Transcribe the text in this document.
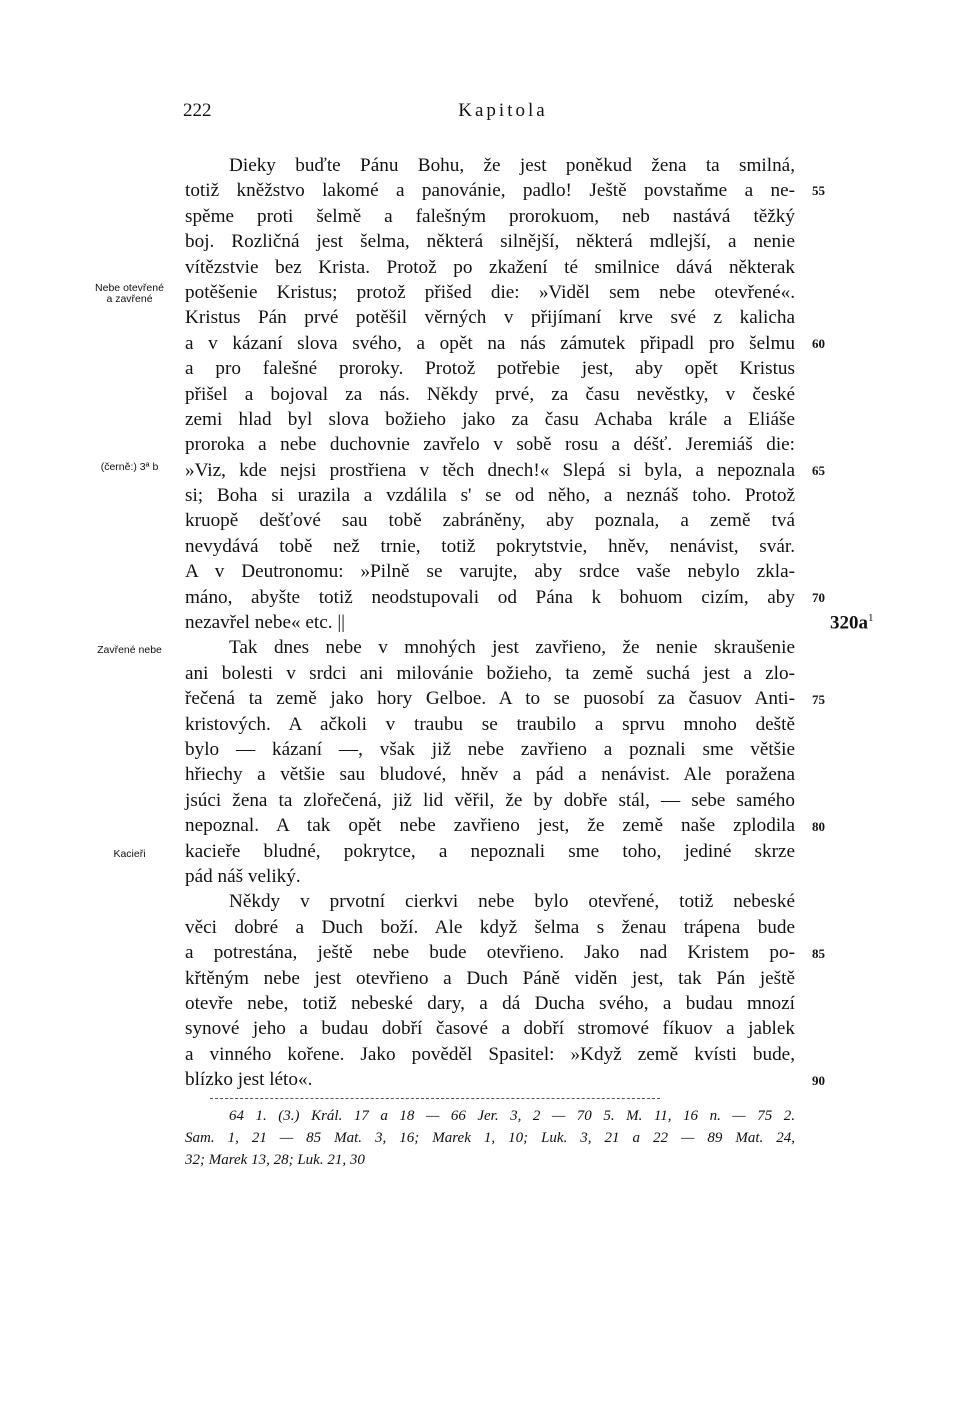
222	Kapitola
Dieky buďte Pánu Bohu, že jest poněkud žena ta smilná,
totiž kněžstvo lakomé a panovánie, padlo! Ještě povstaňme a ne-
spěme proti šelmě a falešným prorokuom, neb nastává těžký
boj. Rozličná jest šelma, některá silnější, některá mdlejší, a nenie
vítězstvie bez Krista. Protož po zkažení té smilnice dává některak
potěšenie Kristus; protož přišed die: »Viděl sem nebe otevřené«.
Kristus Pán prvé potěšil věrných v přijímaní krve své z kalicha
a v kázaní slova svého, a opět na nás zámutek připadl pro šelmu
a pro falešné proroky. Protož potřebie jest, aby opět Kristus
přišel a bojoval za nás. Někdy prvé, za času nevěstky, v české
zemi hlad byl slova božieho jako za času Achaba krále a Eliáše
proroka a nebe duchovnie zavřelo v sobě rosu a déšť. Jeremiáš die:
»Viz, kde nejsi prostřiena v těch dnech!« Slepá si byla, a nepoznala
si; Boha si urazila a vzdálila s' se od něho, a neznáš toho. Protož
kruopě dešťové sau tobě zabráněny, aby poznala, a země tvá
nevydává tobě než trnie, totiž pokrytstvie, hněv, nenávist, svár.
A v Deutronomu: »Pilně se varujte, aby srdce vaše nebylo zkla-
máno, abyšte totiž neodstupovali od Pána k bohuom cizím, aby
nezavřel nebe« etc. ||
Tak dnes nebe v mnohých jest zavřieno, že nenie skraušenie
ani bolesti v srdci ani milovánie božieho, ta země suchá jest a zlo-
řečená ta země jako hory Gelboe. A to se puosobí za časuov Anti-
kristových. A ačkoli v traubu se traubilo a sprvu mnoho deště
bylo — kázaní —, však již nebe zavřieno a poznali sme většie
hřiechy a většie sau bludové, hněv a pád a nenávist. Ale poražena
jsúci žena ta zlořečená, již lid věřil, že by dobře stál, — sebe samého
nepoznal. A tak opět nebe zavřieno jest, že země naše zplodila
kacieře bludné, pokrytce, a nepoznali sme toho, jediné skrze
pád náš veliký.
Někdy v prvotní cierkvi nebe bylo otevřené, totiž nebeské
věci dobré a Duch boží. Ale když šelma s ženau trápena bude
a potrestána, ještě nebe bude otevřieno. Jako nad Kristem po-
křtěným nebe jest otevřieno a Duch Páně viděn jest, tak Pán ještě
otevře nebe, totiž nebeské dary, a dá Ducha svého, a budau mnozí
synové jeho a budau dobří časové a dobří stromové fíkuov a jablek
a vinného kořene. Jako pověděl Spasitel: »Když země kvísti bude,
blízko jest léto«.
Nebe otevřené
a zavřené
(černě:) 3ª b
Zavřené nebe
Kacieři
55
60
65
70
75
80
85
90
$320a^1$
64 1. (3.) Král. 17 a 18 — 66 Jer. 3, 2 — 70 5. M. 11, 16 n. — 75 2.
Sam. 1, 21 — 85 Mat. 3, 16; Marek 1, 10; Luk. 3, 21 a 22 — 89 Mat. 24,
32; Marek 13, 28; Luk. 21, 30
